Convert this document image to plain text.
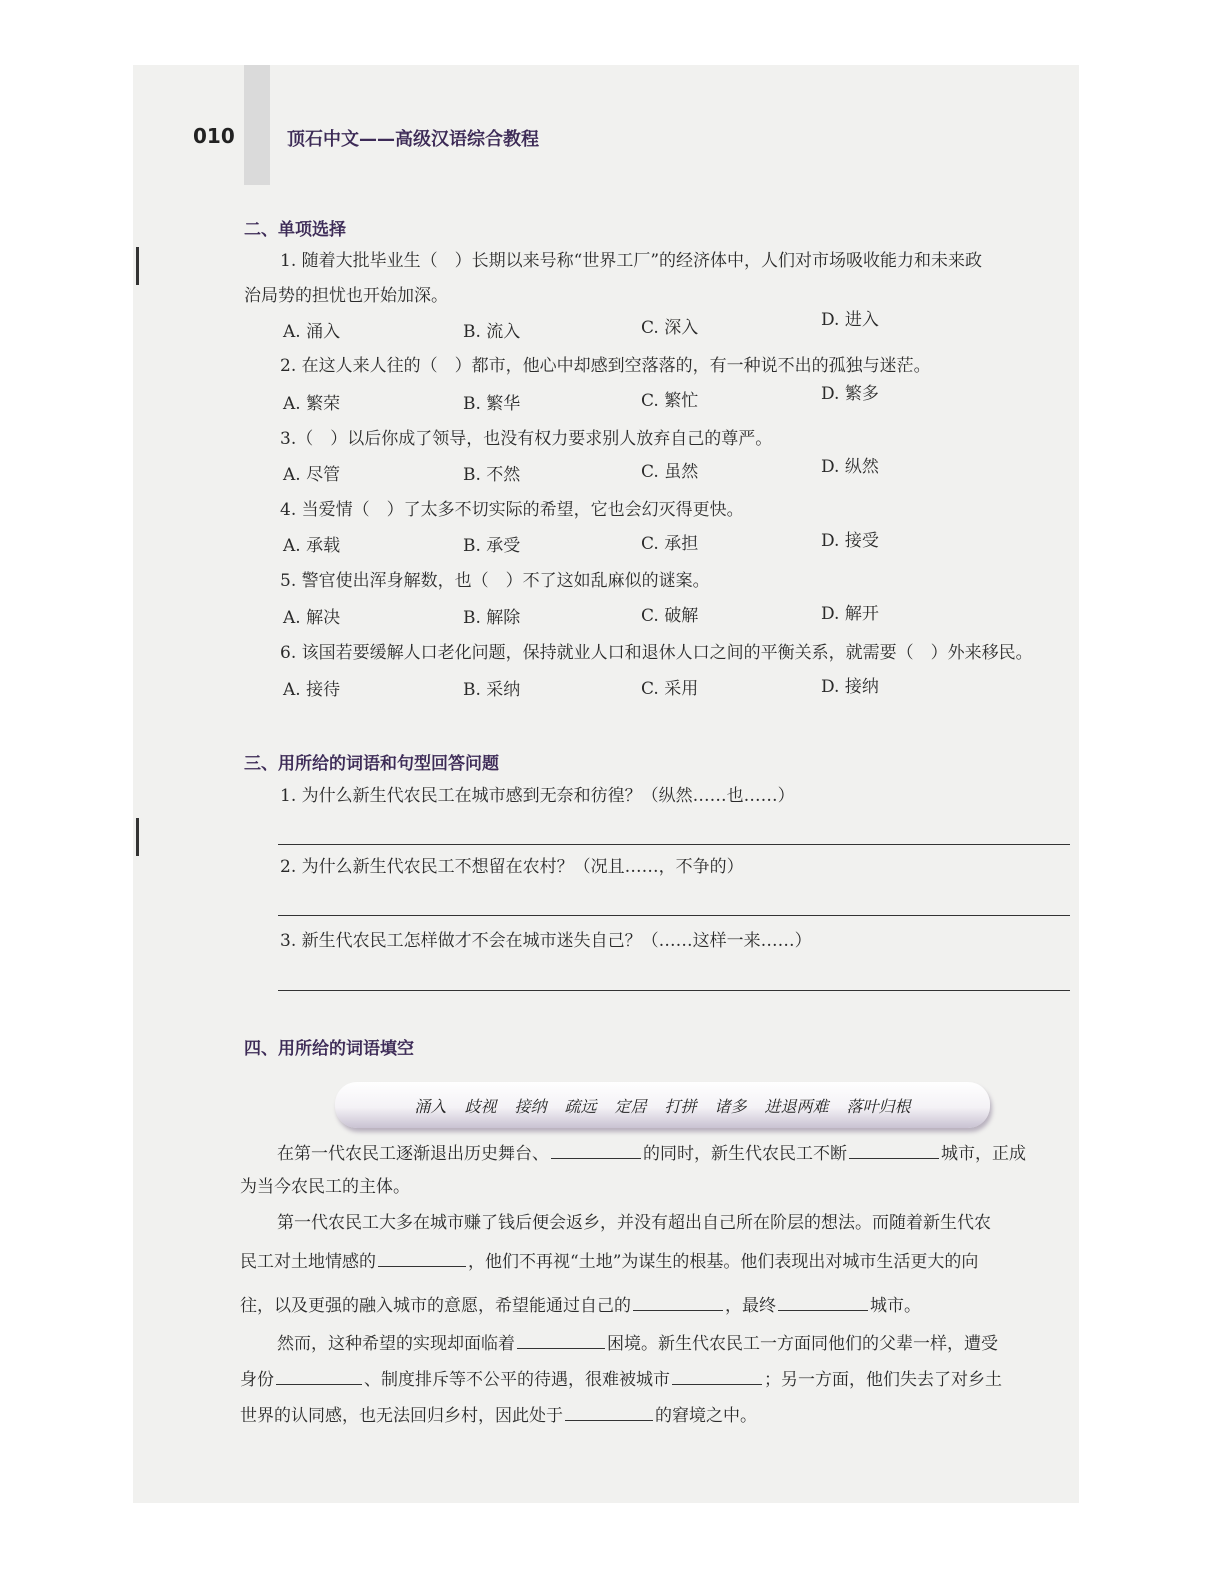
010	顶石中文——高级汉语综合教程
二、单项选择
1. 随着大批毕业生（　）长期以来号称“世界工厂”的经济体中，人们对市场吸收能力和未来政
治局势的担忧也开始加深。
A. 涌入	B. 流入	C. 深入	D. 进入
2. 在这人来人往的（　）都市，他心中却感到空落落的，有一种说不出的孤独与迷茫。
A. 繁荣	B. 繁华	C. 繁忙	D. 繁多
3.（　）以后你成了领导，也没有权力要求别人放弃自己的尊严。
A. 尽管	B. 不然	C. 虽然	D. 纵然
4. 当爱情（　）了太多不切实际的希望，它也会幻灭得更快。
A. 承载	B. 承受	C. 承担	D. 接受
5. 警官使出浑身解数，也（　）不了这如乱麻似的谜案。
A. 解决	B. 解除	C. 破解	D. 解开
6. 该国若要缓解人口老化问题，保持就业人口和退休人口之间的平衡关系，就需要（　）外来移民。
A. 接待	B. 采纳	C. 采用	D. 接纳
三、用所给的词语和句型回答问题
1. 为什么新生代农民工在城市感到无奈和彷徨？（纵然……也……）
2. 为什么新生代农民工不想留在农村？（况且……，不争的）
3. 新生代农民工怎样做才不会在城市迷失自己？（……这样一来……）
四、用所给的词语填空
涌入 歧视 接纳 疏远 定居 打拼 诸多 进退两难 落叶归根
在第一代农民工逐渐退出历史舞台、	的同时，新生代农民工不断	城市，正成
为当今农民工的主体。
第一代农民工大多在城市赚了钱后便会返乡，并没有超出自己所在阶层的想法。而随着新生代农
民工对土地情感的	，他们不再视“土地”为谋生的根基。他们表现出对城市生活更大的向
往，以及更强的融入城市的意愿，希望能通过自己的	，最终	城市。
然而，这种希望的实现却面临着	困境。新生代农民工一方面同他们的父辈一样，遭受
身份	、制度排斥等不公平的待遇，很难被城市	；另一方面，他们失去了对乡土
世界的认同感，也无法回归乡村，因此处于	的窘境之中。
